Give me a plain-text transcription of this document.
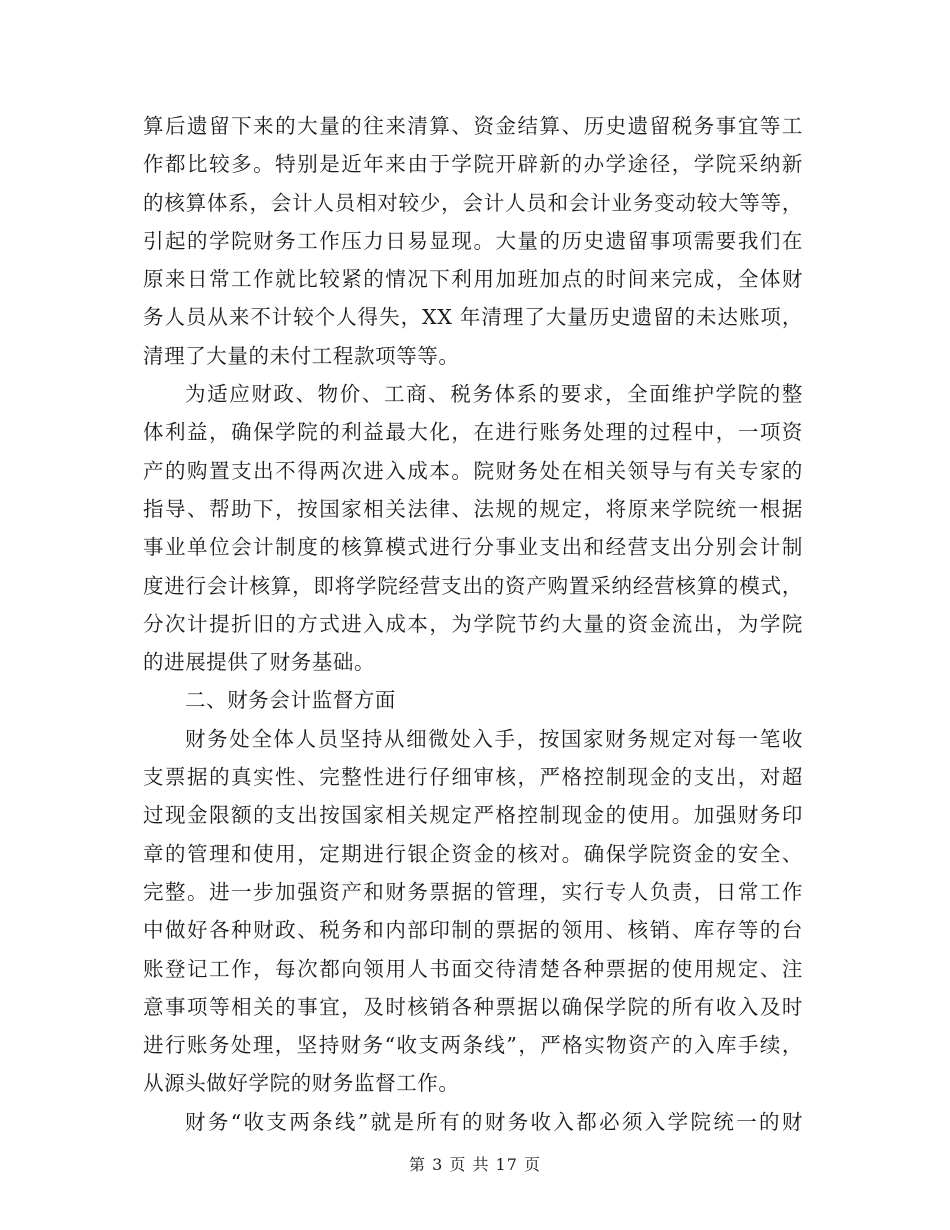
算后遗留下来的大量的往来清算、资金结算、历史遗留税务事宜等工
作都比较多。特别是近年来由于学院开辟新的办学途径，学院采纳新
的核算体系，会计人员相对较少，会计人员和会计业务变动较大等等，
引起的学院财务工作压力日易显现。大量的历史遗留事项需要我们在
原来日常工作就比较紧的情况下利用加班加点的时间来完成，全体财
务人员从来不计较个人得失，XX 年清理了大量历史遗留的未达账项，
清理了大量的未付工程款项等等。
为适应财政、物价、工商、税务体系的要求，全面维护学院的整
体利益，确保学院的利益最大化，在进行账务处理的过程中，一项资
产的购置支出不得两次进入成本。院财务处在相关领导与有关专家的
指导、帮助下，按国家相关法律、法规的规定，将原来学院统一根据
事业单位会计制度的核算模式进行分事业支出和经营支出分别会计制
度进行会计核算，即将学院经营支出的资产购置采纳经营核算的模式，
分次计提折旧的方式进入成本，为学院节约大量的资金流出，为学院
的进展提供了财务基础。
二、财务会计监督方面
财务处全体人员坚持从细微处入手，按国家财务规定对每一笔收
支票据的真实性、完整性进行仔细审核，严格控制现金的支出，对超
过现金限额的支出按国家相关规定严格控制现金的使用。加强财务印
章的管理和使用，定期进行银企资金的核对。确保学院资金的安全、
完整。进一步加强资产和财务票据的管理，实行专人负责，日常工作
中做好各种财政、税务和内部印制的票据的领用、核销、库存等的台
账登记工作，每次都向领用人书面交待清楚各种票据的使用规定、注
意事项等相关的事宜，及时核销各种票据以确保学院的所有收入及时
进行账务处理，坚持财务“收支两条线”，严格实物资产的入库手续，
从源头做好学院的财务监督工作。
财务“收支两条线”就是所有的财务收入都必须入学院统一的财
第 3 页 共 17 页
